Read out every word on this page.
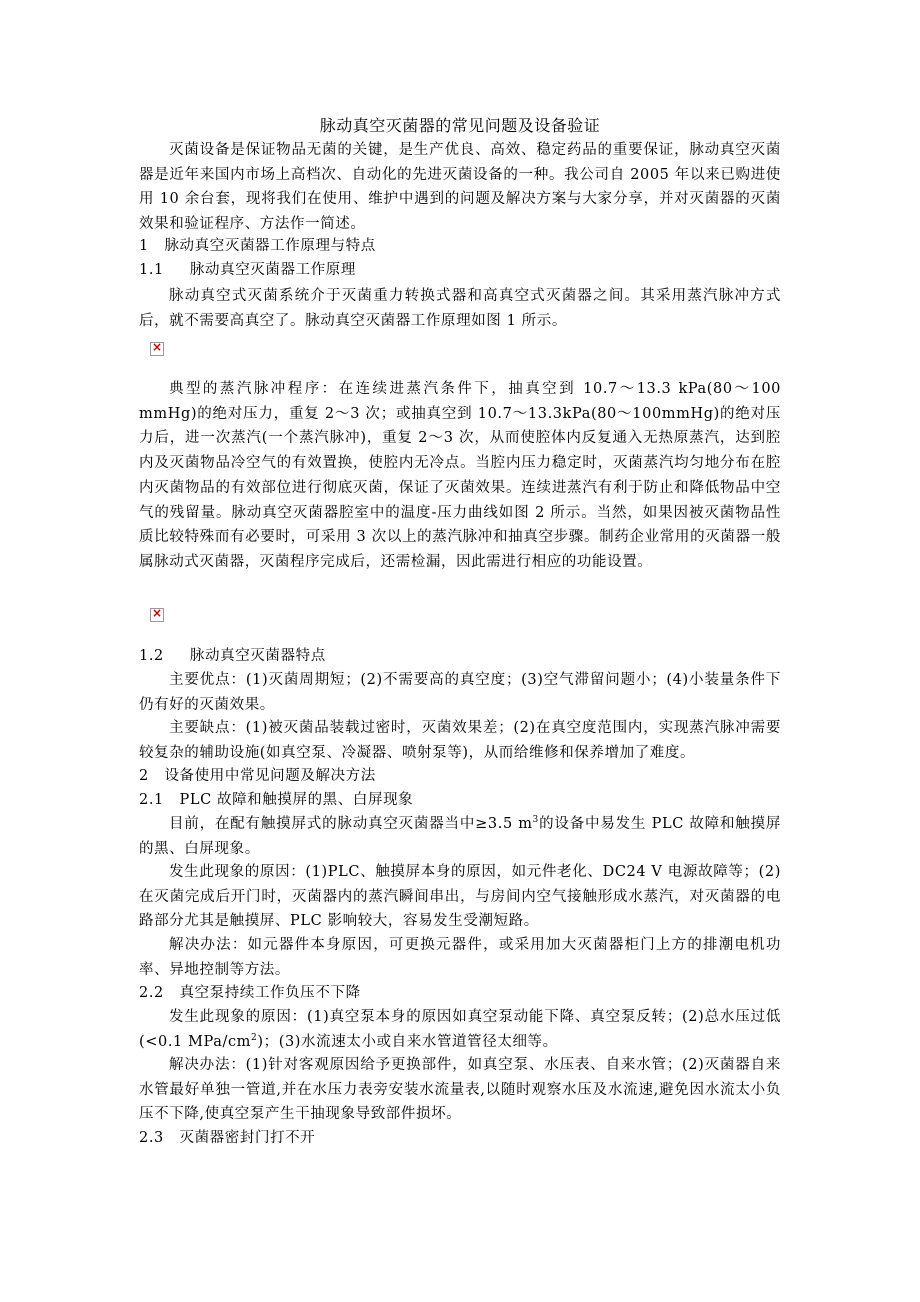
脉动真空灭菌器的常见问题及设备验证

灭菌设备是保证物品无菌的关键，是生产优良、高效、稳定药品的重要保证，脉动真空灭菌器是近年来国内市场上高档次、自动化的先进灭菌设备的一种。我公司自 2005 年以来已购进使用 10 余台套，现将我们在使用、维护中遇到的问题及解决方案与大家分享，并对灭菌器的灭菌效果和验证程序、方法作一简述。

1   脉动真空灭菌器工作原理与特点
1.1     脉动真空灭菌器工作原理

脉动真空式灭菌系统介于灭菌重力转换式器和高真空式灭菌器之间。其采用蒸汽脉冲方式后，就不需要高真空了。脉动真空灭菌器工作原理如图 1 所示。

×

典型的蒸汽脉冲程序：在连续进蒸汽条件下，抽真空到 10.7～13.3 kPa(80～100 mmHg)的绝对压力，重复 2～3 次；或抽真空到 10.7～13.3kPa(80～100mmHg)的绝对压力后，进一次蒸汽(一个蒸汽脉冲)，重复 2～3 次，从而使腔体内反复通入无热原蒸汽，达到腔内及灭菌物品冷空气的有效置换，使腔内无冷点。当腔内压力稳定时，灭菌蒸汽均匀地分布在腔内灭菌物品的有效部位进行彻底灭菌，保证了灭菌效果。连续进蒸汽有利于防止和降低物品中空气的残留量。脉动真空灭菌器腔室中的温度-压力曲线如图 2 所示。当然，如果因被灭菌物品性质比较特殊而有必要时，可采用 3 次以上的蒸汽脉冲和抽真空步骤。制药企业常用的灭菌器一般属脉动式灭菌器，灭菌程序完成后，还需检漏，因此需进行相应的功能设置。

×
1.2     脉动真空灭菌器特点

主要优点：(1)灭菌周期短；(2)不需要高的真空度；(3)空气滞留问题小；(4)小装量条件下仍有好的灭菌效果。

主要缺点：(1)被灭菌品装载过密时，灭菌效果差；(2)在真空度范围内，实现蒸汽脉冲需要较复杂的辅助设施(如真空泵、冷凝器、喷射泵等)，从而给维修和保养增加了难度。

2   设备使用中常见问题及解决方法
2.1   PLC 故障和触摸屏的黑、白屏现象

目前，在配有触摸屏式的脉动真空灭菌器当中≥3.5 $m^3$的设备中易发生 PLC 故障和触摸屏的黑、白屏现象。

发生此现象的原因：(1)PLC、触摸屏本身的原因，如元件老化、DC24 V 电源故障等；(2)在灭菌完成后开门时，灭菌器内的蒸汽瞬间串出，与房间内空气接触形成水蒸汽，对灭菌器的电路部分尤其是触摸屏、PLC 影响较大，容易发生受潮短路。

解决办法：如元器件本身原因，可更换元器件，或采用加大灭菌器柜门上方的排潮电机功率、异地控制等方法。

2.2   真空泵持续工作负压不下降

发生此现象的原因：(1)真空泵本身的原因如真空泵动能下降、真空泵反转；(2)总水压过低 (<0.1 MPa/$cm^2$)；(3)水流速太小或自来水管道管径太细等。

解决办法：(1)针对客观原因给予更换部件，如真空泵、水压表、自来水管；(2)灭菌器自来水管最好单独一管道,并在水压力表旁安装水流量表,以随时观察水压及水流速,避免因水流太小负压不下降,使真空泵产生干抽现象导致部件损坏。

2.3   灭菌器密封门打不开
